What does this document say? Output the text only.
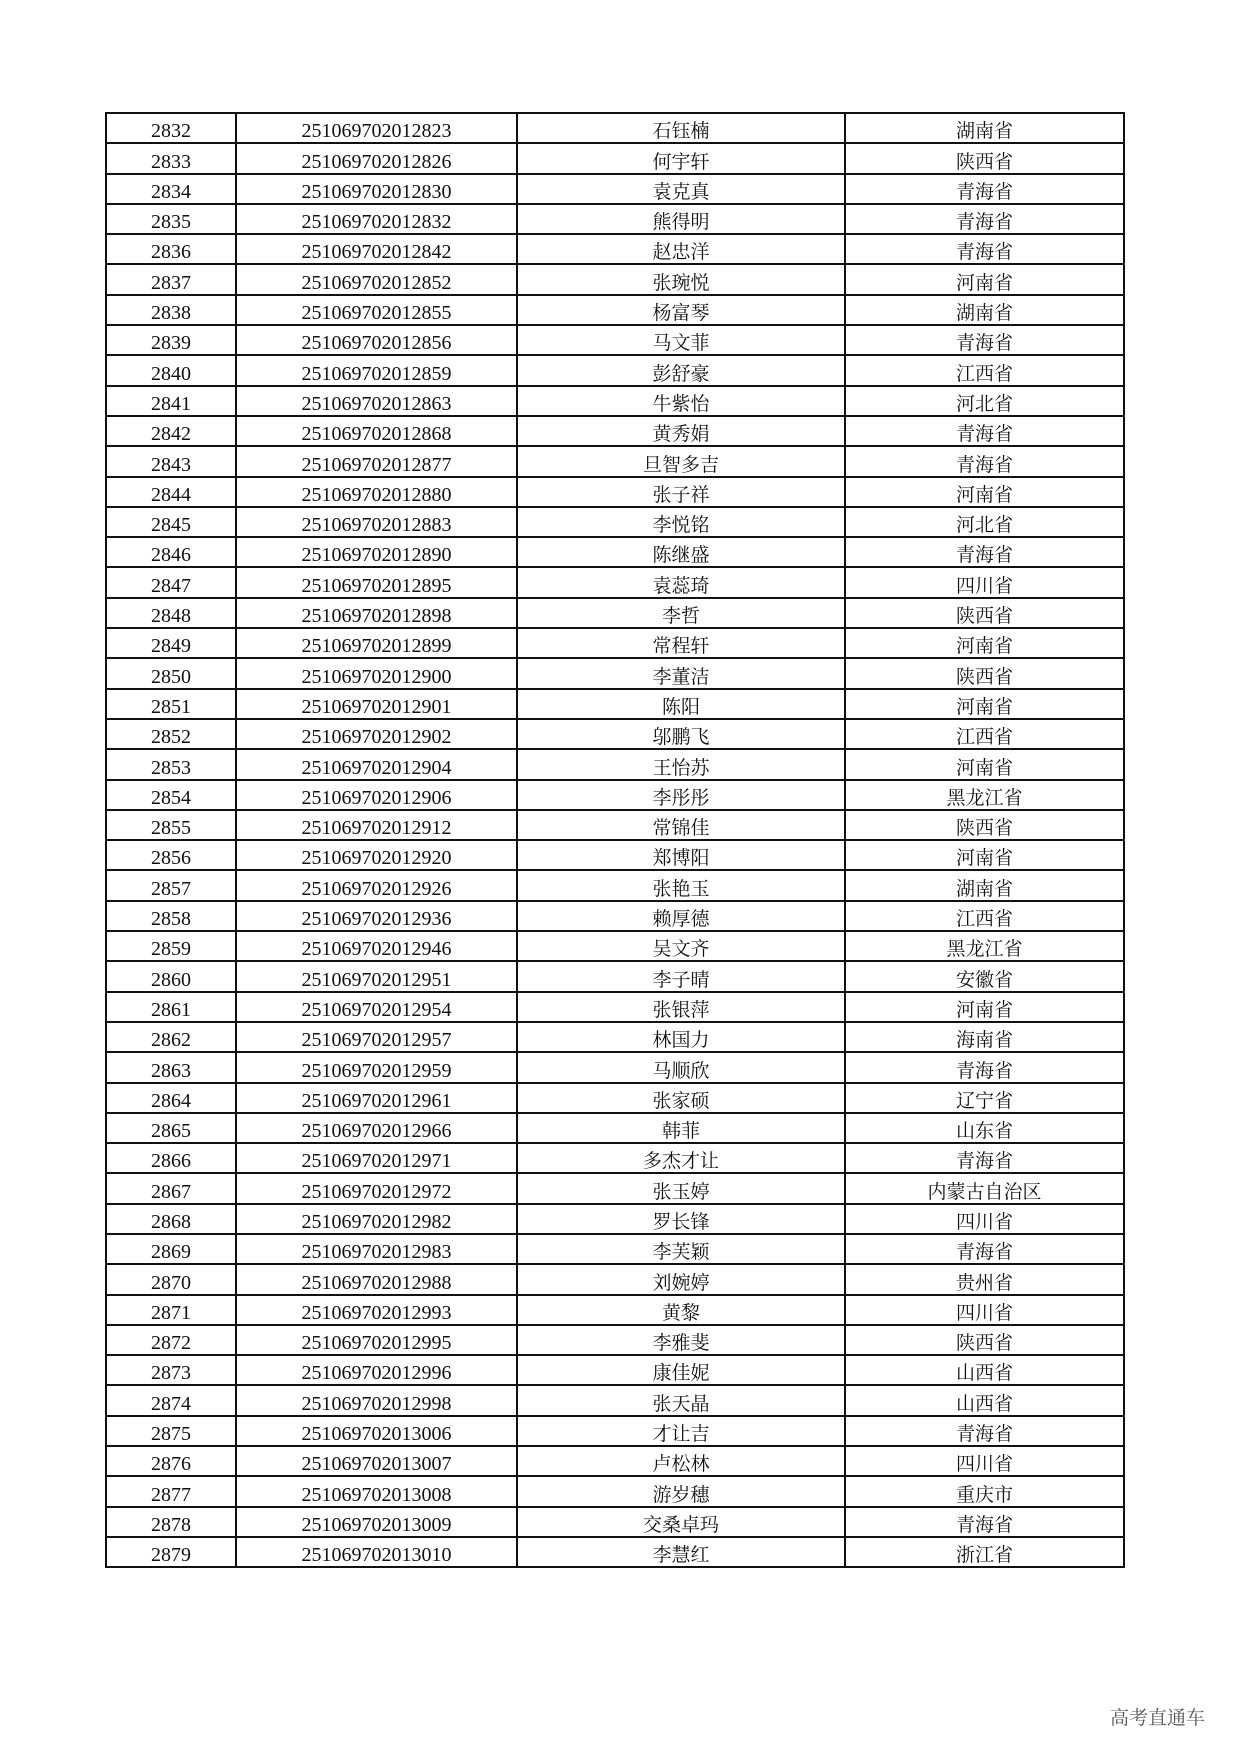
2832	251069702012823	石钰楠	湖南省
2833	251069702012826	何宇轩	陕西省
2834	251069702012830	袁克真	青海省
2835	251069702012832	熊得明	青海省
2836	251069702012842	赵忠洋	青海省
2837	251069702012852	张琬悦	河南省
2838	251069702012855	杨富琴	湖南省
2839	251069702012856	马文菲	青海省
2840	251069702012859	彭舒豪	江西省
2841	251069702012863	牛紫怡	河北省
2842	251069702012868	黄秀娟	青海省
2843	251069702012877	旦智多吉	青海省
2844	251069702012880	张子祥	河南省
2845	251069702012883	李悦铭	河北省
2846	251069702012890	陈继盛	青海省
2847	251069702012895	袁蕊琦	四川省
2848	251069702012898	李哲	陕西省
2849	251069702012899	常程轩	河南省
2850	251069702012900	李董洁	陕西省
2851	251069702012901	陈阳	河南省
2852	251069702012902	邬鹏飞	江西省
2853	251069702012904	王怡苏	河南省
2854	251069702012906	李彤彤	黑龙江省
2855	251069702012912	常锦佳	陕西省
2856	251069702012920	郑博阳	河南省
2857	251069702012926	张艳玉	湖南省
2858	251069702012936	赖厚德	江西省
2859	251069702012946	吴文齐	黑龙江省
2860	251069702012951	李子晴	安徽省
2861	251069702012954	张银萍	河南省
2862	251069702012957	林国力	海南省
2863	251069702012959	马顺欣	青海省
2864	251069702012961	张家硕	辽宁省
2865	251069702012966	韩菲	山东省
2866	251069702012971	多杰才让	青海省
2867	251069702012972	张玉婷	内蒙古自治区
2868	251069702012982	罗长锋	四川省
2869	251069702012983	李芙颖	青海省
2870	251069702012988	刘婉婷	贵州省
2871	251069702012993	黄黎	四川省
2872	251069702012995	李雅斐	陕西省
2873	251069702012996	康佳妮	山西省
2874	251069702012998	张天晶	山西省
2875	251069702013006	才让吉	青海省
2876	251069702013007	卢松林	四川省
2877	251069702013008	游岁穗	重庆市
2878	251069702013009	交桑卓玛	青海省
2879	251069702013010	李慧红	浙江省
高考直通车
